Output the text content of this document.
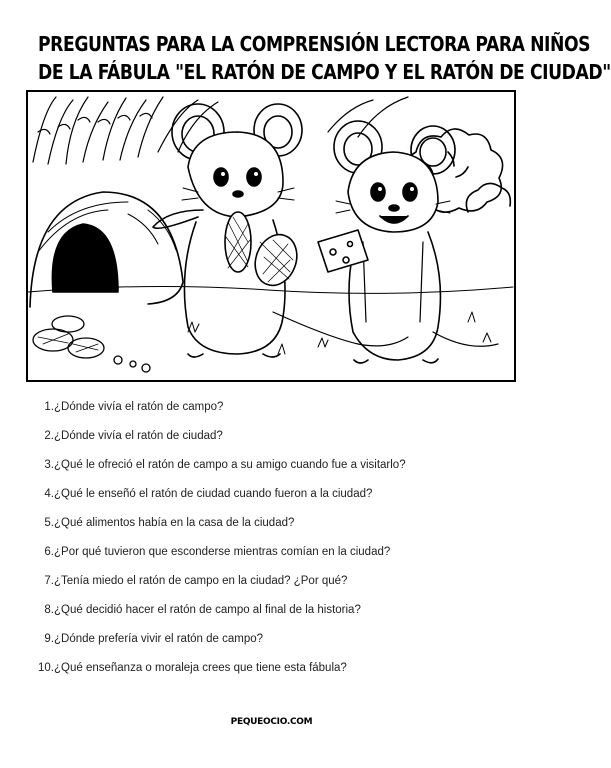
PREGUNTAS PARA LA COMPRENSIÓN LECTORA PARA NIÑOS
DE LA FÁBULA "EL RATÓN DE CAMPO Y EL RATÓN DE CIUDAD"
1.¿Dónde vivía el ratón de campo?
2.¿Dónde vivía el ratón de ciudad?
3.¿Qué le ofreció el ratón de campo a su amigo cuando fue a visitarlo?
4.¿Qué le enseñó el ratón de ciudad cuando fueron a la ciudad?
5.¿Qué alimentos había en la casa de la ciudad?
6.¿Por qué tuvieron que esconderse mientras comían en la ciudad?
7.¿Tenía miedo el ratón de campo en la ciudad? ¿Por qué?
8.¿Qué decidió hacer el ratón de campo al final de la historia?
9.¿Dónde prefería vivir el ratón de campo?
10.¿Qué enseñanza o moraleja crees que tiene esta fábula?
PEQUEOCIO.COM
